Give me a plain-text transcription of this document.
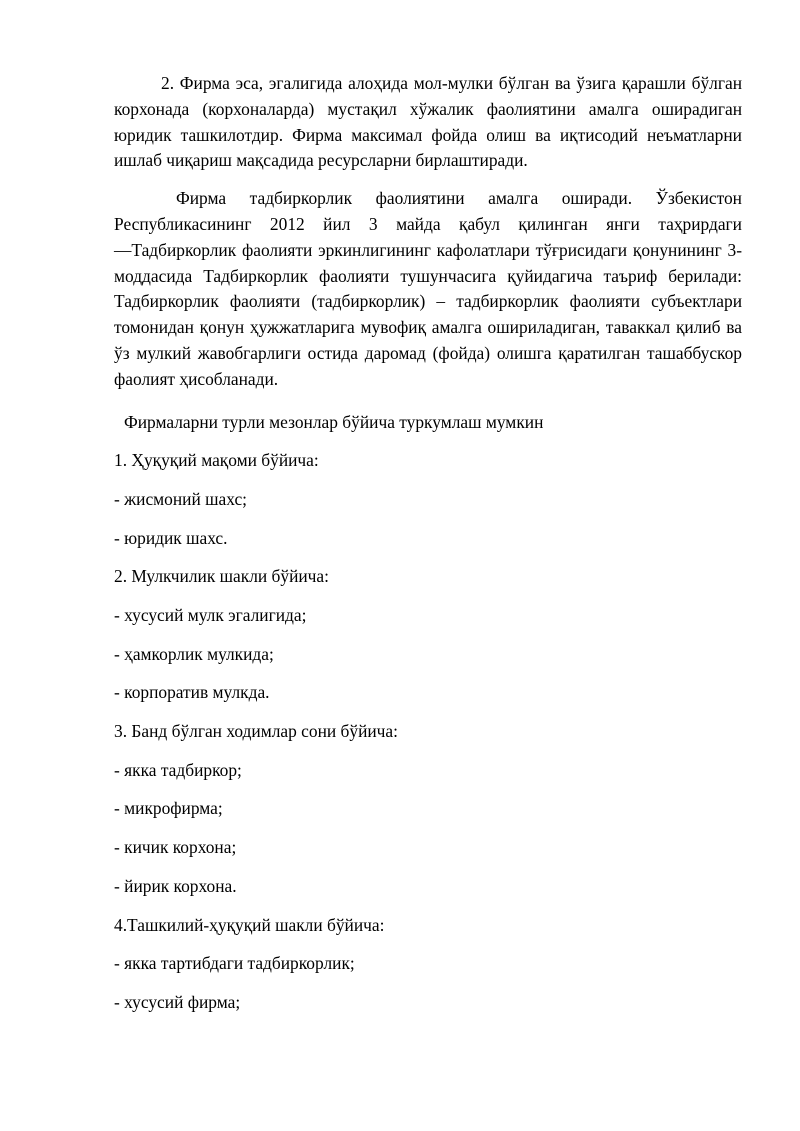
2. Фирма эса, эгалигида алоҳида мол-мулки бўлган ва ўзига қарашли бўлган корхонада (корхоналарда) мустақил хўжалик фаолиятини амалга оширадиган юридик ташкилотдир. Фирма максимал фойда олиш ва иқтисодий неъматларни ишлаб чиқариш мақсадида ресурсларни бирлаштиради.

Фирма тадбиркорлик фаолиятини амалга оширади. Ўзбекистон Республикасининг 2012 йил 3 майда қабул қилинган янги таҳрирдаги ―Тадбиркорлик фаолияти эркинлигининг кафолатлари тўғрисидаги қонунининг 3-моддасида Тадбиркорлик фаолияти тушунчасига қуйидагича таъриф берилади: Тадбиркорлик фаолияти (тадбиркорлик) – тадбиркорлик фаолияти субъектлари томонидан қонун ҳужжатларига мувофиқ амалга ошириладиган, таваккал қилиб ва ўз мулкий жавобгарлиги остида даромад (фойда) олишга қаратилган ташаббускор фаолият ҳисобланади.

Фирмаларни турли мезонлар бўйича туркумлаш мумкин

1. Ҳуқуқий мақоми бўйича:

- жисмоний шахс;

- юридик шахс.

2. Мулкчилик шакли бўйича:

- хусусий мулк эгалигида;

- ҳамкорлик мулкида;

- корпоратив мулкда.

3. Банд бўлган ходимлар сони бўйича:

- якка тадбиркор;

- микрофирма;

- кичик корхона;

- йирик корхона.

4.Ташкилий-ҳуқуқий шакли бўйича:

- якка тартибдаги тадбиркорлик;

- хусусий фирма;
